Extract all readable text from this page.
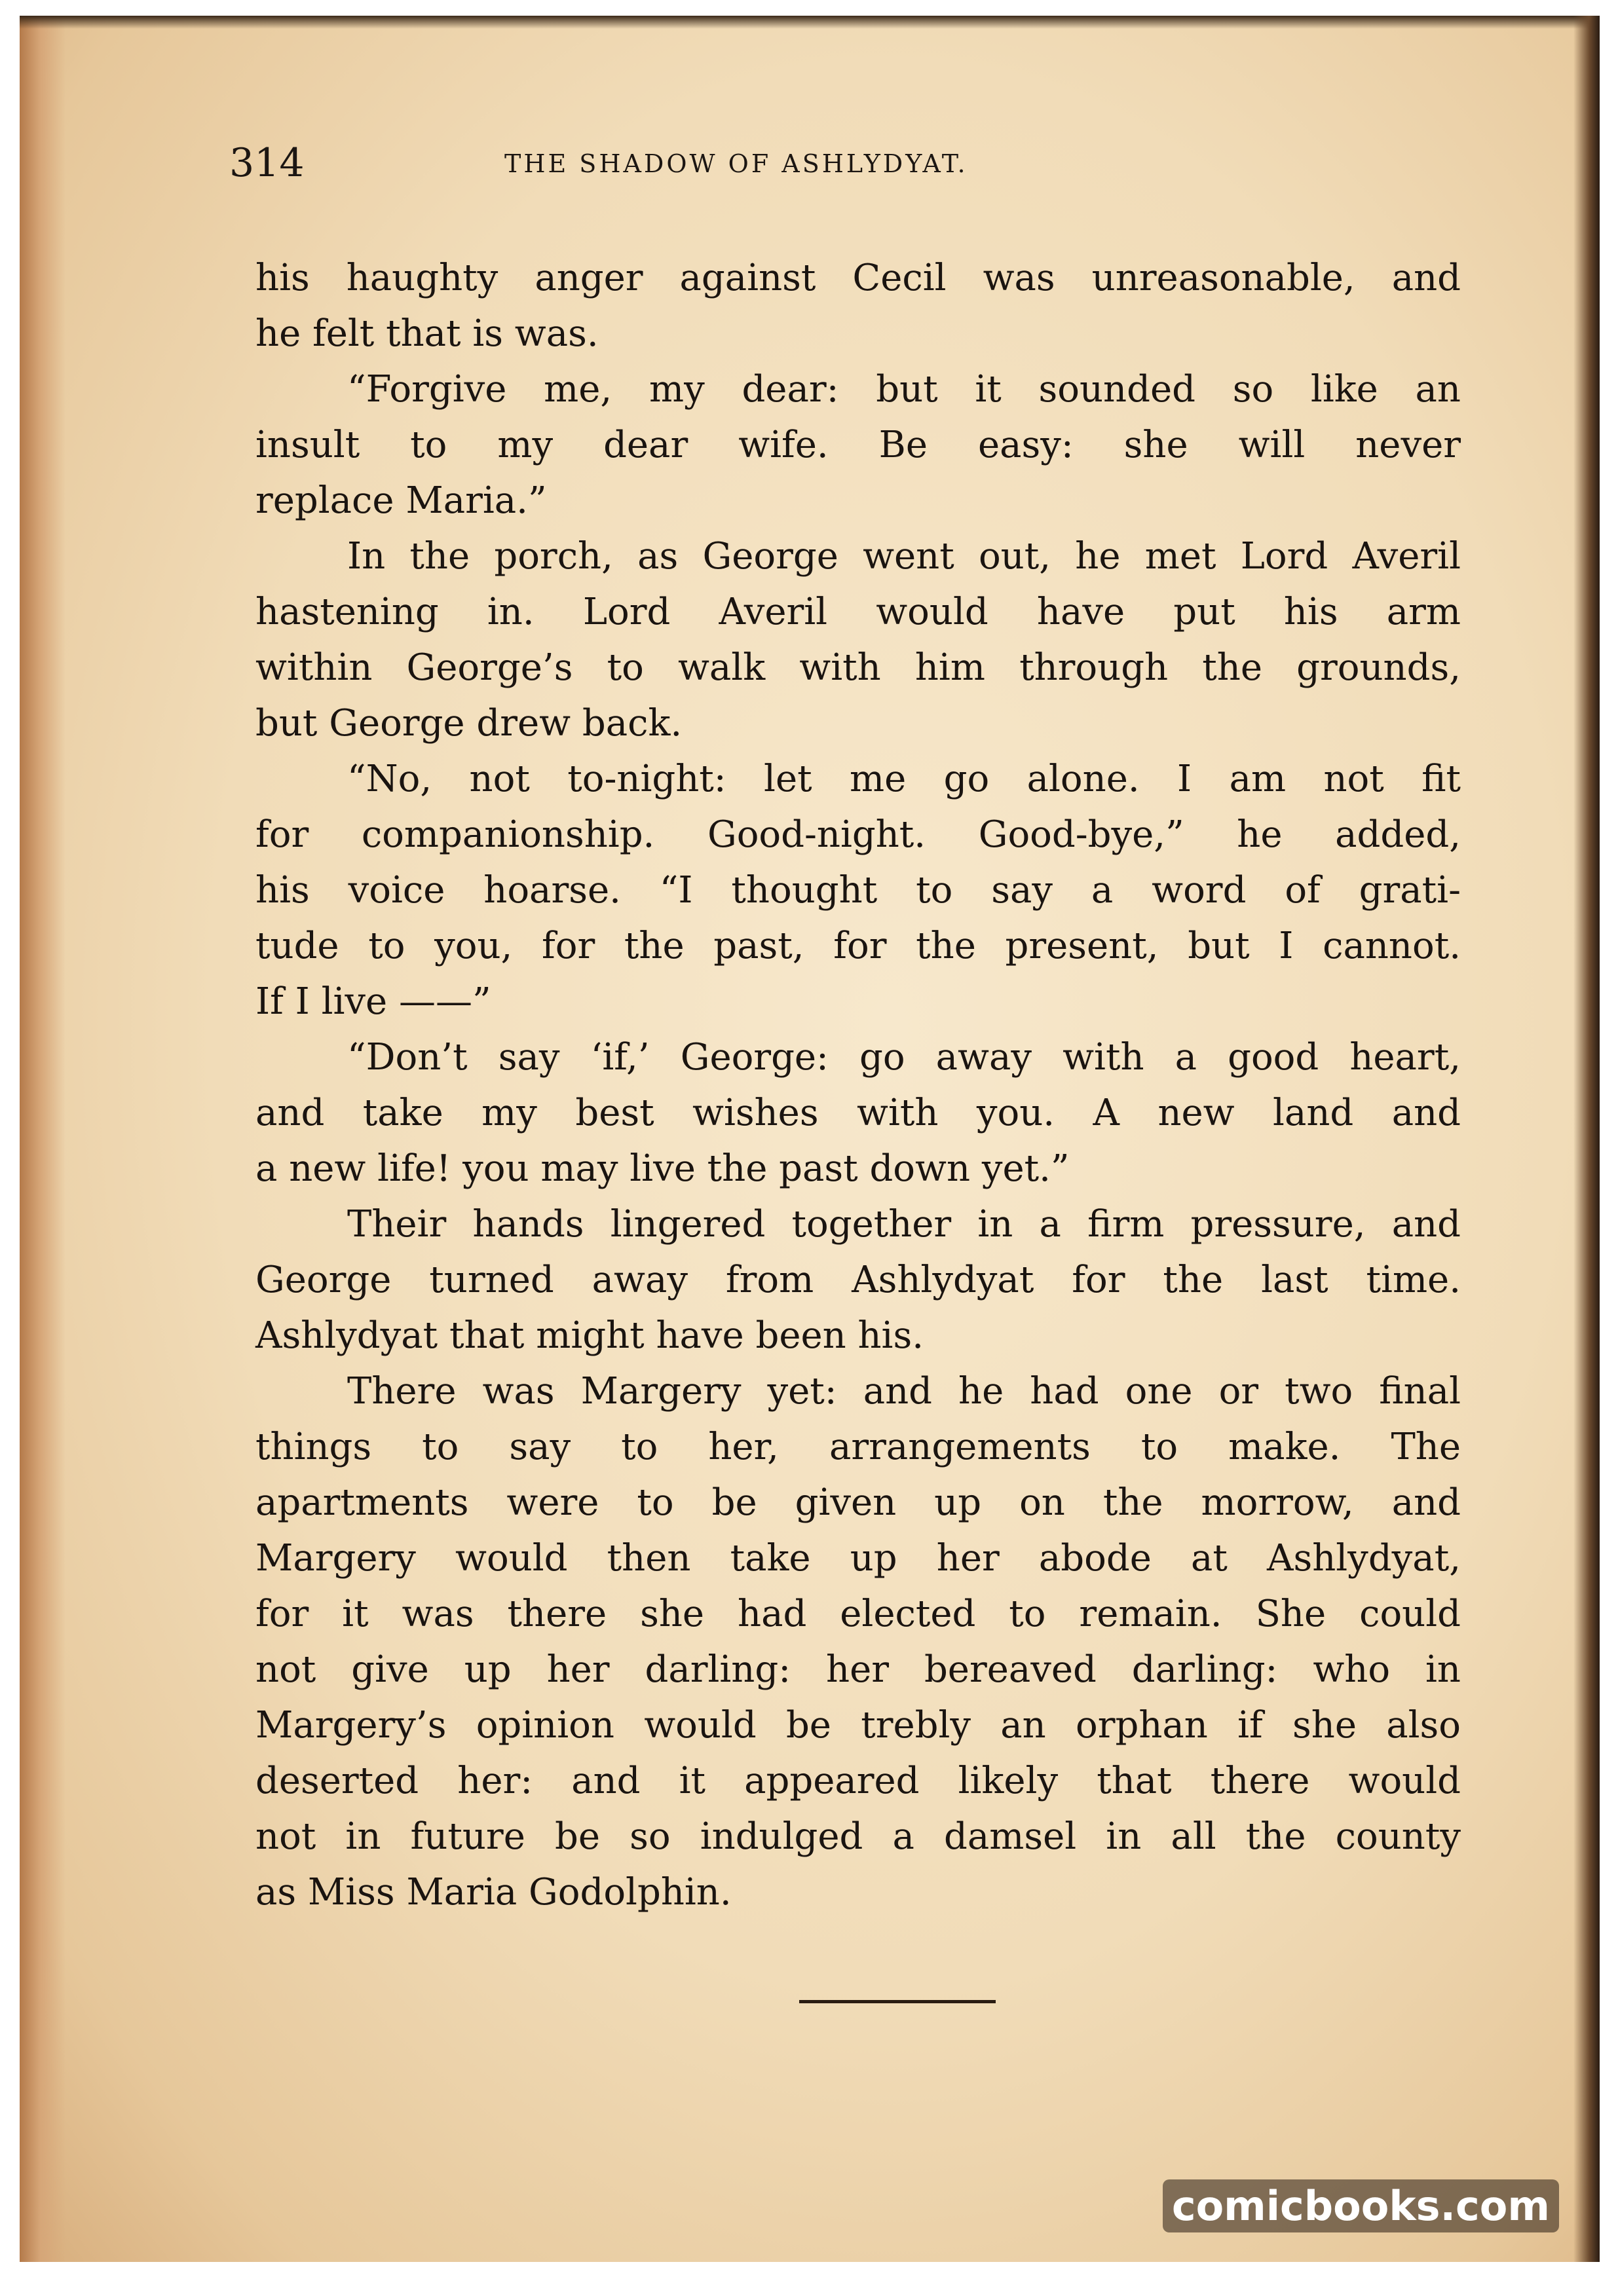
314	THE SHADOW OF ASHLYDYAT.
his haughty anger against Cecil was unreasonable, and
he felt that is was.
“Forgive me, my dear: but it sounded so like an
insult to my dear wife. Be easy: she will never
replace Maria.”
In the porch, as George went out, he met Lord Averil
hastening in. Lord Averil would have put his arm
within George’s to walk with him through the grounds,
but George drew back.
“No, not to-night: let me go alone. I am not fit
for companionship. Good-night. Good-bye,” he added,
his voice hoarse. “I thought to say a word of grati-
tude to you, for the past, for the present, but I cannot.
If I live ——”
“Don’t say ‘if,’ George: go away with a good heart,
and take my best wishes with you. A new land and
a new life! you may live the past down yet.”
Their hands lingered together in a firm pressure, and
George turned away from Ashlydyat for the last time.
Ashlydyat that might have been his.
There was Margery yet: and he had one or two final
things to say to her, arrangements to make. The
apartments were to be given up on the morrow, and
Margery would then take up her abode at Ashlydyat,
for it was there she had elected to remain. She could
not give up her darling: her bereaved darling: who in
Margery’s opinion would be trebly an orphan if she also
deserted her: and it appeared likely that there would
not in future be so indulged a damsel in all the county
as Miss Maria Godolphin.
comicbooks.com
